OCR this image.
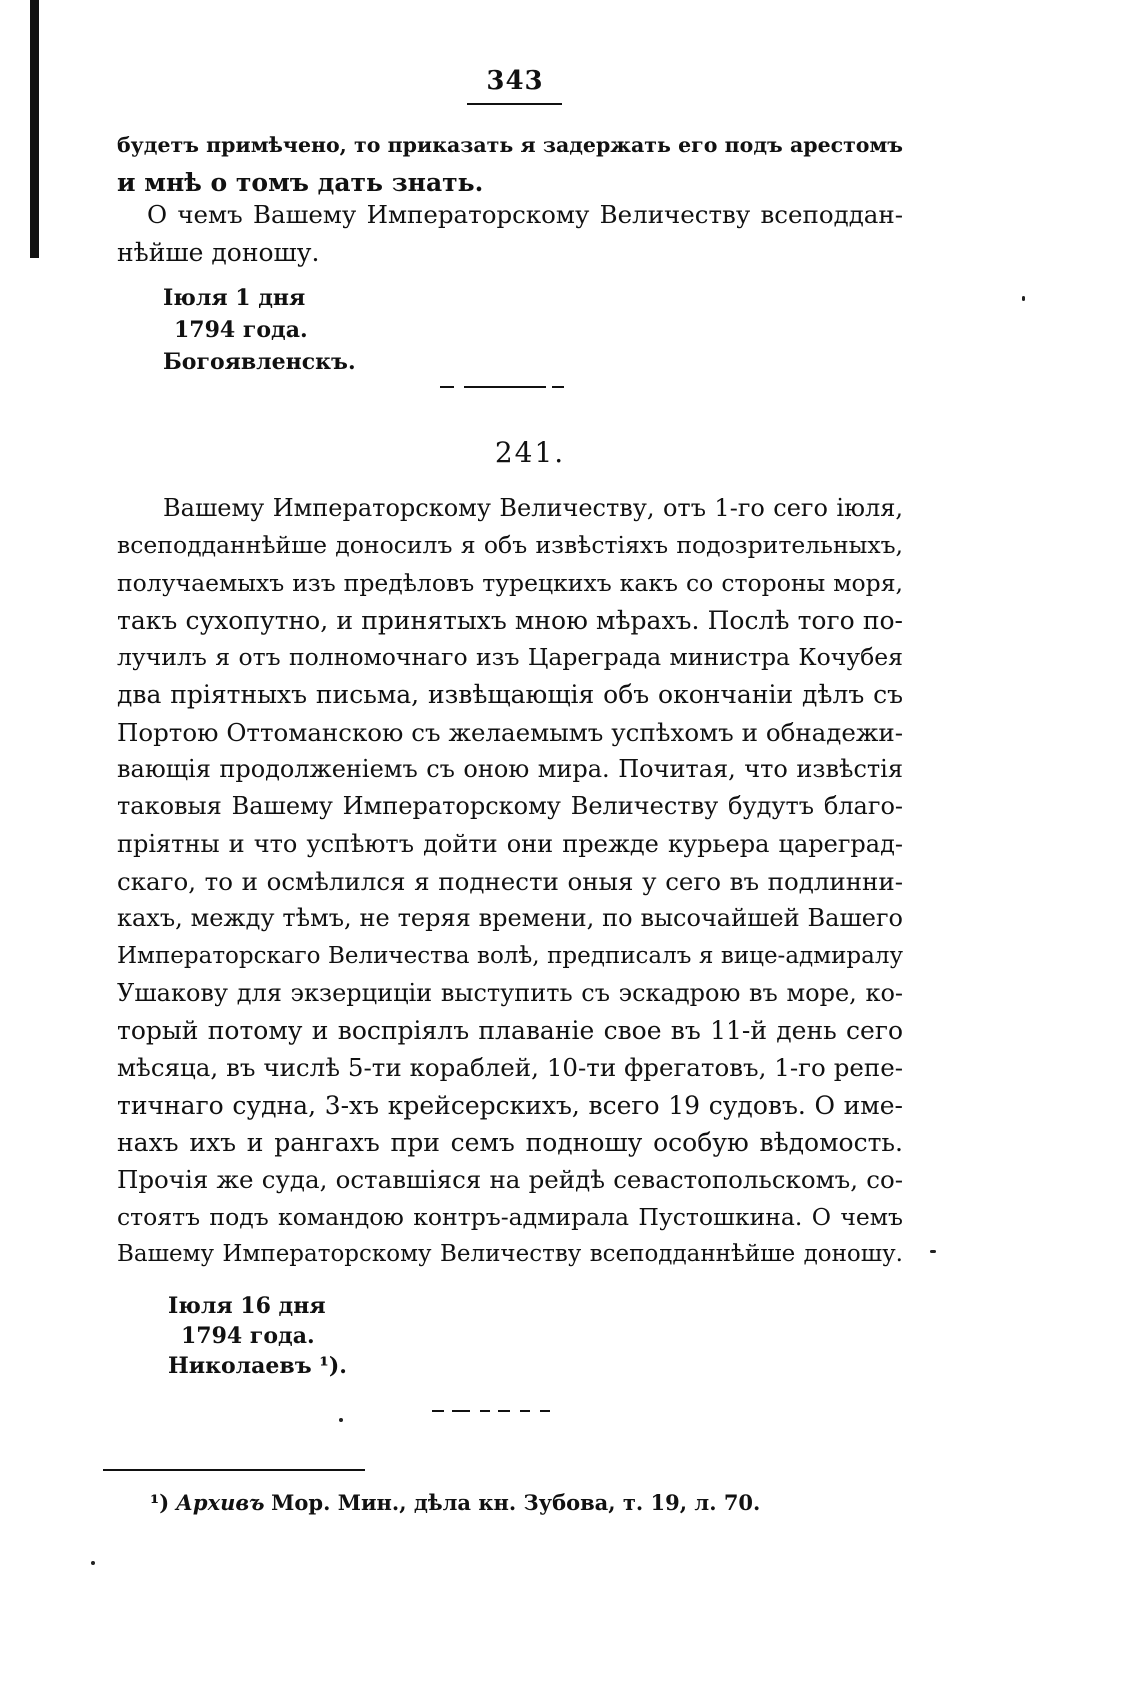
343
будетъ примѣчено, то приказать я задержать его подъ арестомъ
и мнѣ о томъ дать знать.
О чемъ Вашему Императорскому Величеству всеподдан-
нѣйше доношу.
Іюля 1 дня
1794 года.
Богоявленскъ.
241.
Вашему Императорскому Величеству, отъ 1-го сего іюля,
всеподданнѣйше доносилъ я объ извѣстіяхъ подозрительныхъ,
получаемыхъ изъ предѣловъ турецкихъ какъ со стороны моря,
такъ сухопутно, и принятыхъ мною мѣрахъ. Послѣ того по-
лучилъ я отъ полномочнаго изъ Цареграда министра Кочубея
два пріятныхъ письма, извѣщающія объ окончаніи дѣлъ съ
Портою Оттоманскою съ желаемымъ успѣхомъ и обнадежи-
вающія продолженіемъ съ оною мира. Почитая, что извѣстія
таковыя Вашему Императорскому Величеству будутъ благо-
пріятны и что успѣютъ дойти они прежде курьера царегрaд-
скаго, то и осмѣлился я поднести оныя у сего въ подлинни-
кахъ, между тѣмъ, не теряя времени, по высочайшей Вашего
Императорскаго Величества волѣ, предписалъ я вице-адмиралу
Ушакову для экзерциціи выступить съ эскадрою въ море, ко-
торый потому и воспріялъ плаваніе свое въ 11-й день сего
мѣсяца, въ числѣ 5-ти кораблей, 10-ти фрегатовъ, 1-го репе-
тичнаго судна, 3-хъ крейсерскихъ, всего 19 судовъ. О име-
нахъ ихъ и рангахъ при семъ подношу особую вѣдомость.
Прочія же суда, оставшіяся на рейдѣ севастопольскомъ, со-
стоятъ подъ командою контръ-адмирала Пустошкина. О чемъ
Вашему Императорскому Величеству всеподданнѣйше доношу.
Іюля 16 дня
1794 года.
Николаевъ ¹).
¹) Архивъ Мор. Мин., дѣла кн. Зубова, т. 19, л. 70.
